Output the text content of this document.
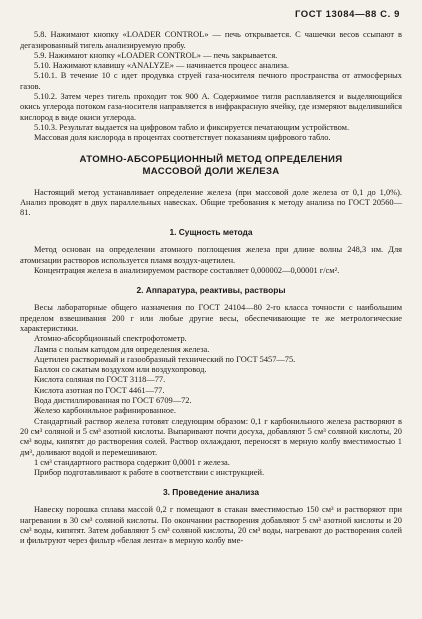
ГОСТ 13084—88 С. 9

5.8. Нажимают кнопку «LOADER CONTROL» — печь открывается. С чашечки весов ссыпают в дегазированный тигель анализируемую пробу.

5.9. Нажимают кнопку «LOADER CONTROL» — печь закрывается.

5.10. Нажимают клавишу «ANALYZE» — начинается процесс анализа.

5.10.1. В течение 10 с идет продувка струей газа-носителя печного пространства от атмосферных газов.

5.10.2. Затем через тигель проходит ток 900 А. Содержимое тигля расплавляется и выделяющийся окись углерода потоком газа-носителя направляется в инфракрасную ячейку, где измеряют выделившийся кислород в виде окиси углерода.

5.10.3. Результат выдается на цифровом табло и фиксируется печатающим устройством.

Массовая доля кислорода в процентах соответствует показаниям цифрового табло.

АТОМНО-АБСОРБЦИОННЫЙ МЕТОД ОПРЕДЕЛЕНИЯ
МАССОВОЙ ДОЛИ ЖЕЛЕЗА

Настоящий метод устанавливает определение железа (при массовой доле железа от 0,1 до 1,0%). Анализ проводят в двух параллельных навесках. Общие требования к методу анализа по ГОСТ 20560—81.

1. Сущность метода

Метод основан на определении атомного поглощения железа при длине волны 248,3 нм. Для атомизации растворов используется пламя воздух-ацетилен.

Концентрация железа в анализируемом растворе составляет 0,000002—0,00001 г/см².

2. Аппаратура, реактивы, растворы

Весы лабораторные общего назначения по ГОСТ 24104—80 2-го класса точности с наибольшим пределом взвешивания 200 г или любые другие весы, обеспечивающие те же метрологические характеристики.

Атомно-абсорбционный спектрофотометр.

Лампа с полым катодом для определения железа.

Ацетилен растворимый и газообразный технический по ГОСТ 5457—75.

Баллон со сжатым воздухом или воздухопровод.

Кислота соляная по ГОСТ 3118—77.

Кислота азотная по ГОСТ 4461—77.

Вода дистиллированная по ГОСТ 6709—72.

Железо карбонильное рафинированное.

Стандартный раствор железа готовят следующим образом: 0,1 г карбонильного железа растворяют в 20 см³ соляной и 5 см³ азотной кислоты. Выпаривают почти досуха, добавляют 5 см³ соляной кислоты, 20 см³ воды, кипятят до растворения солей. Раствор охлаждают, переносят в мерную колбу вместимостью 1 дм³, доливают водой и перемешивают.

1 см³ стандартного раствора содержит 0,0001 г железа.

Прибор подготавливают к работе в соответствии с инструкцией.

3. Проведение анализа

Навеску порошка сплава массой 0,2 г помещают в стакан вместимостью 150 см³ и растворяют при нагревании в 30 см³ соляной кислоты. По окончании растворения добавляют 5 см³ азотной кислоты и 20 см³ воды, кипятят. Затем добавляют 5 см³ соляной кислоты, 20 см³ воды, нагревают до растворения солей и фильтруют через фильтр «белая лента» в мерную колбу вме-
